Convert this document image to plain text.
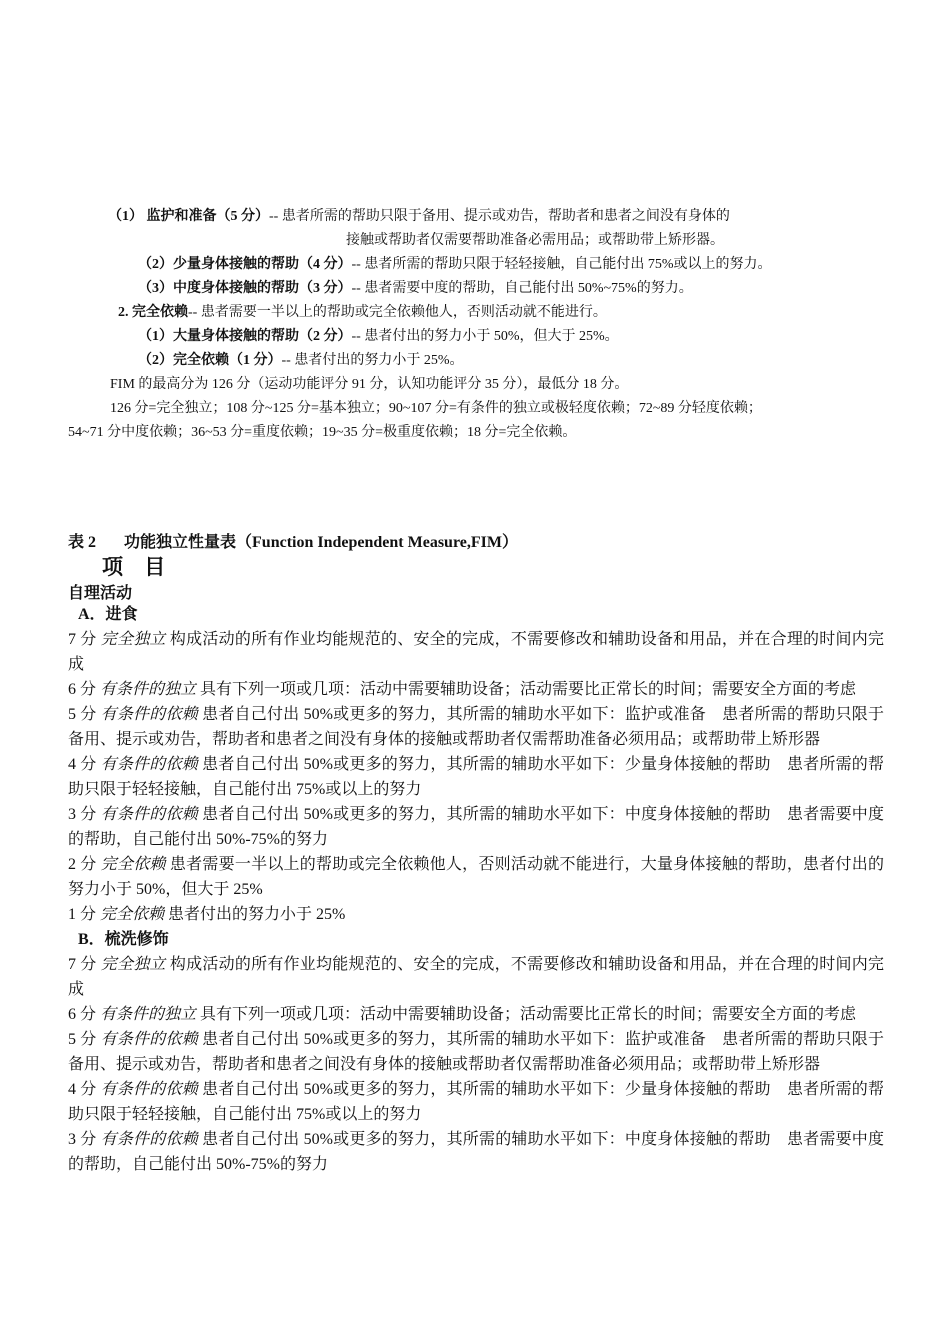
（1） 监护和准备（5 分）-- 患者所需的帮助只限于备用、提示或劝告，帮助者和患者之间没有身体的
接触或帮助者仅需要帮助准备必需用品；或帮助带上矫形器。
（2）少量身体接触的帮助（4 分）-- 患者所需的帮助只限于轻轻接触，自己能付出 75%或以上的努力。
（3）中度身体接触的帮助（3 分）-- 患者需要中度的帮助，自己能付出 50%~75%的努力。
2. 完全依赖-- 患者需要一半以上的帮助或完全依赖他人，否则活动就不能进行。
（1）大量身体接触的帮助（2 分）-- 患者付出的努力小于 50%，但大于 25%。
（2）完全依赖（1 分）-- 患者付出的努力小于 25%。
FIM 的最高分为 126 分（运动功能评分 91 分，认知功能评分 35 分），最低分 18 分。
126 分=完全独立；108 分~125 分=基本独立；90~107 分=有条件的独立或极轻度依赖；72~89 分轻度依赖；
54~71 分中度依赖；36~53 分=重度依赖；19~35 分=极重度依赖；18 分=完全依赖。
表 2 功能独立性量表（Function Independent Measure,FIM）
项 目
自理活动
A．进食
7 分 完全独立 构成活动的所有作业均能规范的、安全的完成，不需要修改和辅助设备和用品，并在合理的时间内完成
6 分 有条件的独立 具有下列一项或几项：活动中需要辅助设备；活动需要比正常长的时间；需要安全方面的考虑
5 分 有条件的依赖 患者自己付出 50%或更多的努力，其所需的辅助水平如下：监护或准备　患者所需的帮助只限于备用、提示或劝告，帮助者和患者之间没有身体的接触或帮助者仅需帮助准备必须用品；或帮助带上矫形器
4 分 有条件的依赖 患者自己付出 50%或更多的努力，其所需的辅助水平如下：少量身体接触的帮助　患者所需的帮助只限于轻轻接触，自己能付出 75%或以上的努力
3 分 有条件的依赖 患者自己付出 50%或更多的努力，其所需的辅助水平如下：中度身体接触的帮助　患者需要中度的帮助，自己能付出 50%-75%的努力
2 分 完全依赖 患者需要一半以上的帮助或完全依赖他人，否则活动就不能进行，大量身体接触的帮助，患者付出的努力小于 50%，但大于 25%
1 分 完全依赖 患者付出的努力小于 25%
B．梳洗修饰
7 分 完全独立 构成活动的所有作业均能规范的、安全的完成，不需要修改和辅助设备和用品，并在合理的时间内完成
6 分 有条件的独立 具有下列一项或几项：活动中需要辅助设备；活动需要比正常长的时间；需要安全方面的考虑
5 分 有条件的依赖 患者自己付出 50%或更多的努力，其所需的辅助水平如下：监护或准备　患者所需的帮助只限于备用、提示或劝告，帮助者和患者之间没有身体的接触或帮助者仅需帮助准备必须用品；或帮助带上矫形器
4 分 有条件的依赖 患者自己付出 50%或更多的努力，其所需的辅助水平如下：少量身体接触的帮助　患者所需的帮助只限于轻轻接触，自己能付出 75%或以上的努力
3 分 有条件的依赖 患者自己付出 50%或更多的努力，其所需的辅助水平如下：中度身体接触的帮助　患者需要中度的帮助，自己能付出 50%-75%的努力
